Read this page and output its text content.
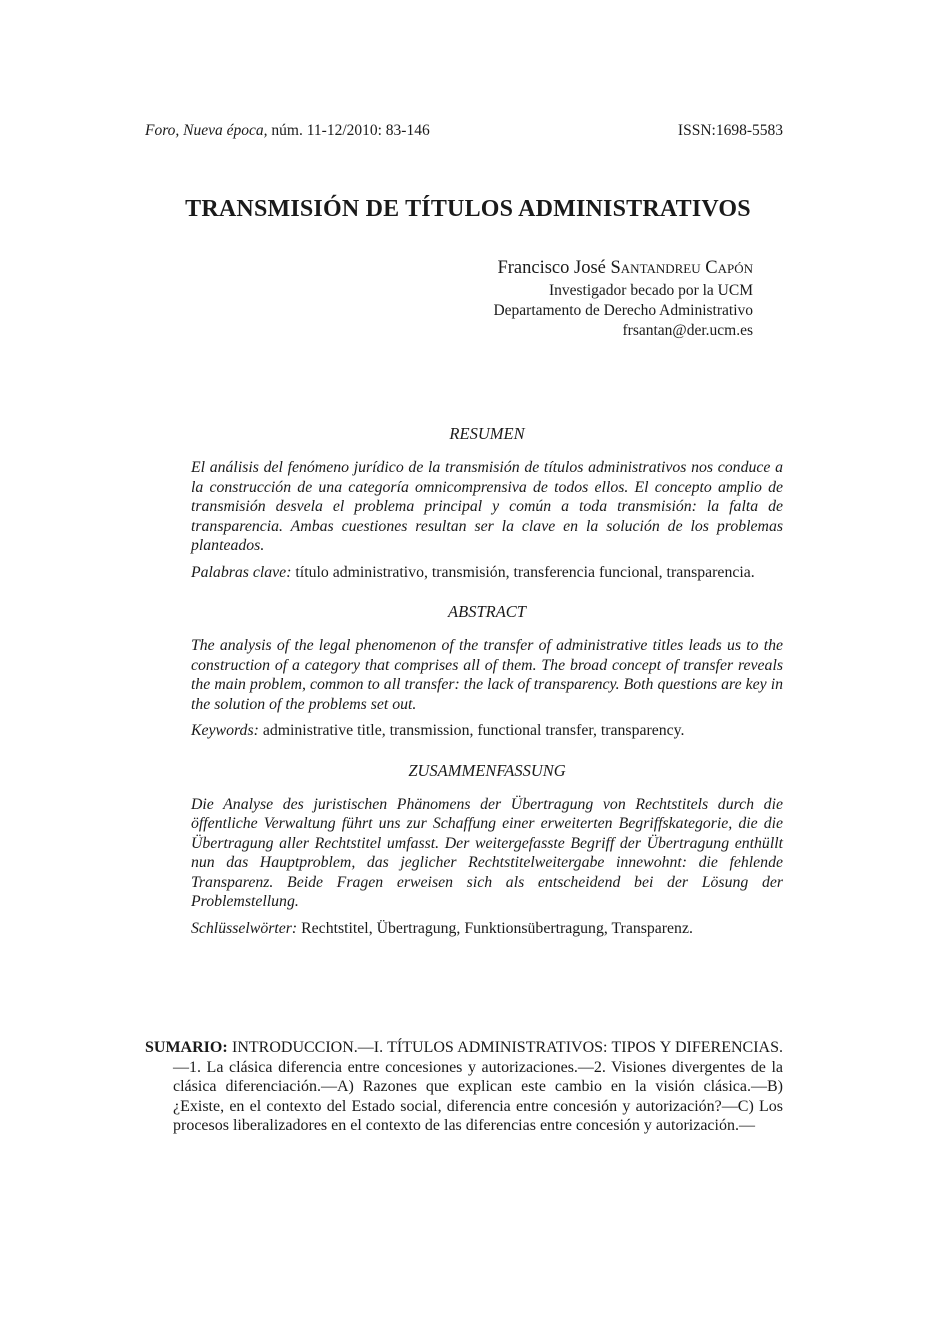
Foro, Nueva época, núm. 11-12/2010: 83-146	ISSN:1698-5583
TRANSMISIÓN DE TÍTULOS ADMINISTRATIVOS
Francisco José Santandreu Capón
Investigador becado por la UCM
Departamento de Derecho Administrativo
frsantan@der.ucm.es

RESUMEN

El análisis del fenómeno jurídico de la transmisión de títulos administrativos nos conduce a la construcción de una categoría omnicomprensiva de todos ellos. El concepto amplio de transmisión desvela el problema principal y común a toda transmisión: la falta de transparencia. Ambas cuestiones resultan ser la clave en la solución de los problemas planteados.

Palabras clave: título administrativo, transmisión, transferencia funcional, transparencia.

ABSTRACT

The analysis of the legal phenomenon of the transfer of administrative titles leads us to the construction of a category that comprises all of them. The broad concept of transfer reveals the main problem, common to all transfer: the lack of transparency. Both questions are key in the solution of the problems set out.

Keywords: administrative title, transmission, functional transfer, transparency.

ZUSAMMENFASSUNG

Die Analyse des juristischen Phänomens der Übertragung von Rechtstitels durch die öffentliche Verwaltung führt uns zur Schaffung einer erweiterten Begriffskategorie, die die Übertragung aller Rechtstitel umfasst. Der weitergefasste Begriff der Übertragung enthüllt nun das Hauptproblem, das jeglicher Rechtstitelweitergabe innewohnt: die fehlende Transparenz. Beide Fragen erweisen sich als entscheidend bei der Lösung der Problemstellung.

Schlüsselwörter: Rechtstitel, Übertragung, Funktionsübertragung, Transparenz.

SUMARIO: INTRODUCCION.—I. TÍTULOS ADMINISTRATIVOS: TIPOS Y DIFERENCIAS.—1. La clásica diferencia entre concesiones y autorizaciones.—2. Visiones divergentes de la clásica diferenciación.—A) Razones que explican este cambio en la visión clásica.—B) ¿Existe, en el contexto del Estado social, diferencia entre concesión y autorización?—C) Los procesos liberalizadores en el contexto de las diferencias entre concesión y autorización.—
